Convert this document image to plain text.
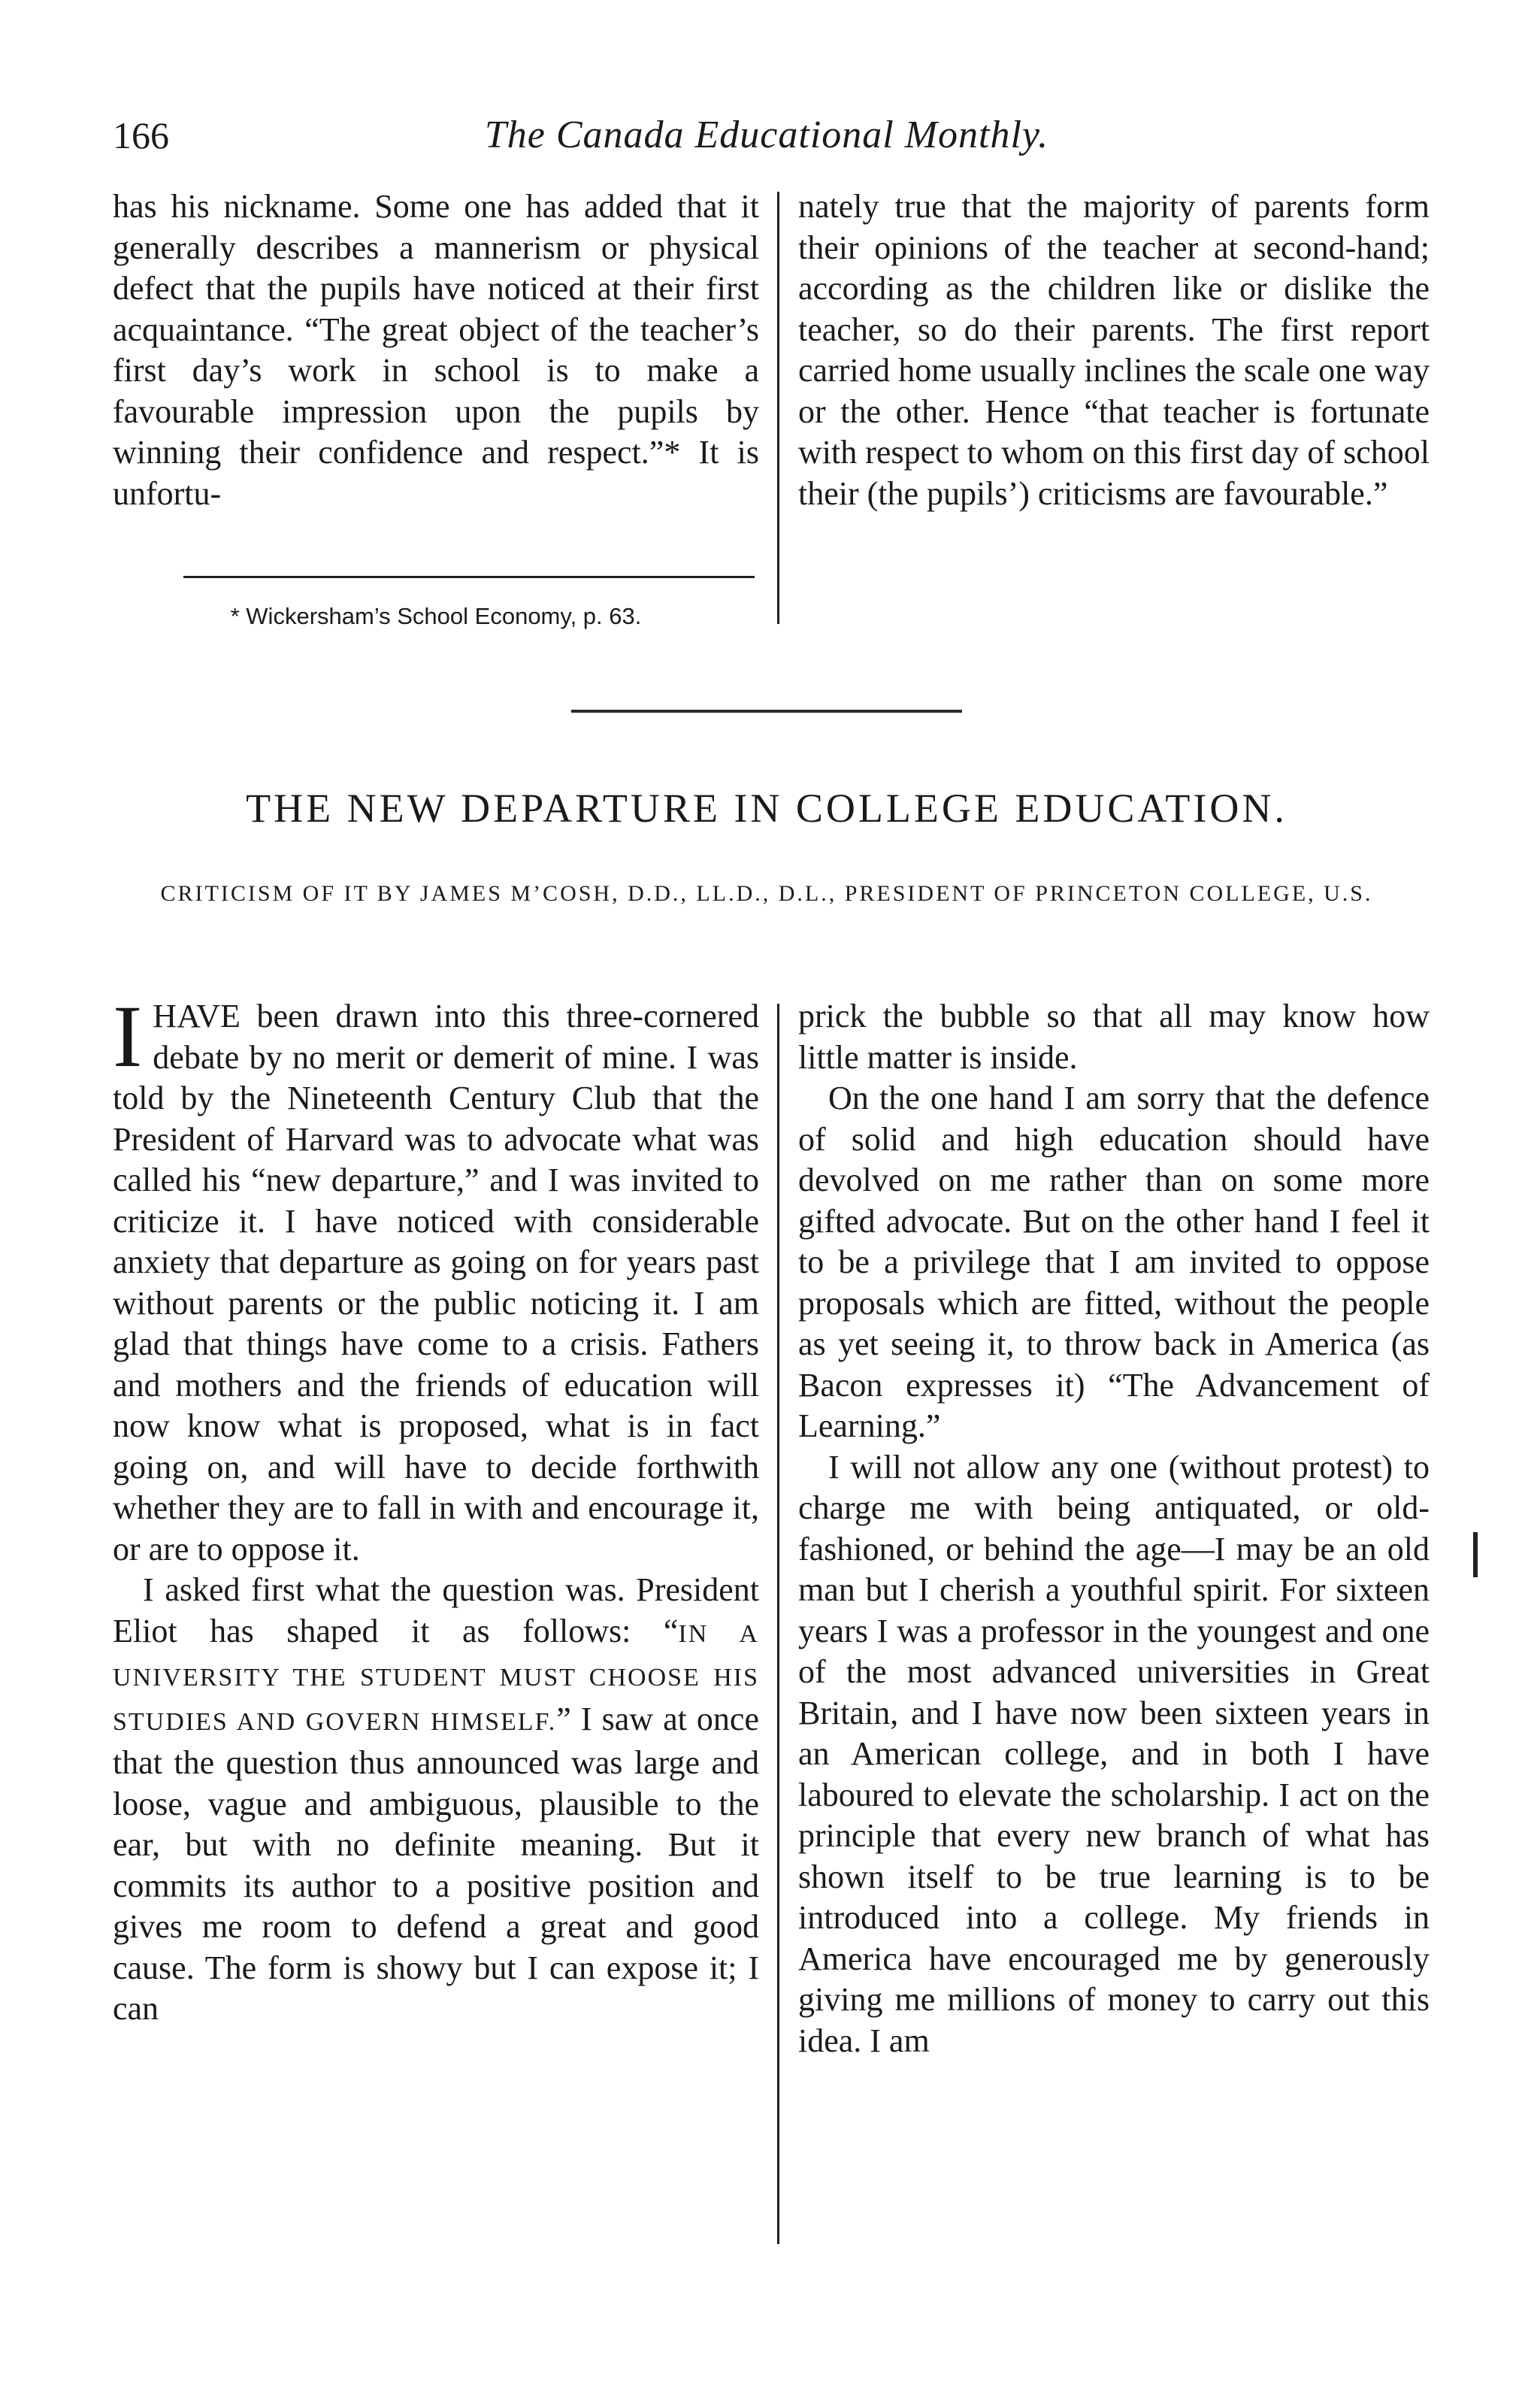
166	The Canada Educational Monthly.

has his nickname. Some one has added that it generally describes a mannerism or physical defect that the pupils have noticed at their first acquaintance. “The great object of the teacher’s first day’s work in school is to make a favourable impression upon the pupils by winning their confidence and respect.”* It is unfortu-

nately true that the majority of parents form their opinions of the teacher at second-hand; according as the children like or dislike the teacher, so do their parents. The first report carried home usually inclines the scale one way or the other. Hence “that teacher is fortunate with respect to whom on this first day of school their (the pupils’) criticisms are favourable.”

* Wickersham’s School Economy, p. 63.
THE NEW DEPARTURE IN COLLEGE EDUCATION.
CRITICISM OF IT BY JAMES M’COSH, D.D., LL.D., D.L., PRESIDENT OF PRINCETON COLLEGE, U.S.

IHAVE been drawn into this three-cornered debate by no merit or demerit of mine. I was told by the Nineteenth Century Club that the President of Harvard was to advocate what was called his “new departure,” and I was invited to criticize it. I have noticed with considerable anxiety that departure as going on for years past without parents or the public noticing it. I am glad that things have come to a crisis. Fathers and mothers and the friends of education will now know what is proposed, what is in fact going on, and will have to decide forthwith whether they are to fall in with and encourage it, or are to oppose it.

I asked first what the question was. President Eliot has shaped it as follows: “IN A UNIVERSITY THE STUDENT MUST CHOOSE HIS STUDIES AND GOVERN HIMSELF.” I saw at once that the question thus announced was large and loose, vague and ambiguous, plausible to the ear, but with no definite meaning. But it commits its author to a positive position and gives me room to defend a great and good cause. The form is showy but I can expose it; I can

prick the bubble so that all may know how little matter is inside.

On the one hand I am sorry that the defence of solid and high education should have devolved on me rather than on some more gifted advocate. But on the other hand I feel it to be a privilege that I am invited to oppose proposals which are fitted, without the people as yet seeing it, to throw back in America (as Bacon expresses it) “The Advancement of Learning.”

I will not allow any one (without protest) to charge me with being antiquated, or old-fashioned, or behind the age—I may be an old man but I cherish a youthful spirit. For sixteen years I was a professor in the youngest and one of the most advanced universities in Great Britain, and I have now been sixteen years in an American college, and in both I have laboured to elevate the scholarship. I act on the principle that every new branch of what has shown itself to be true learning is to be introduced into a college. My friends in America have encouraged me by generously giving me millions of money to carry out this idea. I am
